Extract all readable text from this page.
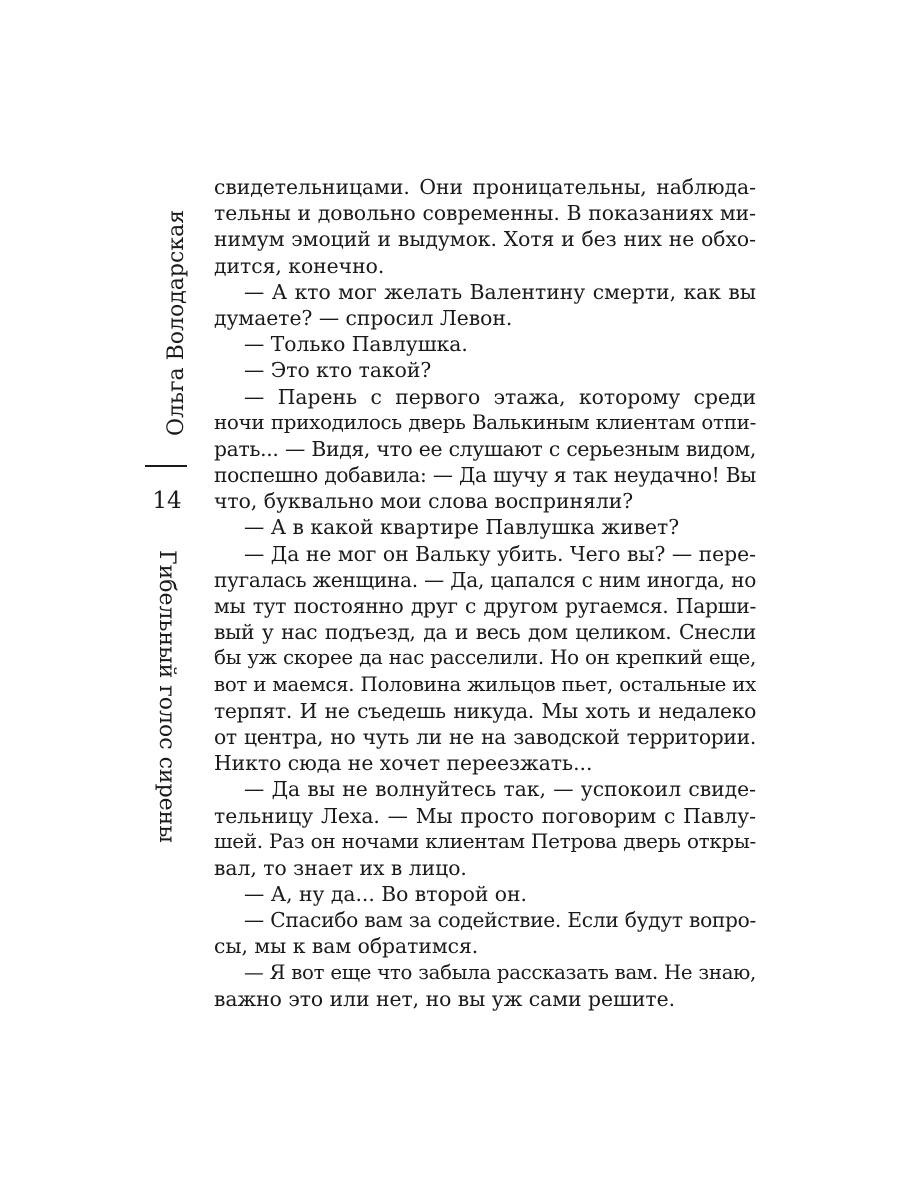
Ольга Володарская
14
Гибельный голос сирены
свидетельницами. Они проницательны, наблюда-
тельны и довольно современны. В показаниях ми-
нимум эмоций и выдумок. Хотя и без них не обхо-
дится, конечно.
— А кто мог желать Валентину смерти, как вы
думаете? — спросил Левон.
— Только Павлушка.
— Это кто такой?
— Парень с первого этажа, которому среди
ночи приходилось дверь Валькиным клиентам отпи-
рать... — Видя, что ее слушают с серьезным видом,
поспешно добавила: — Да шучу я так неудачно! Вы
что, буквально мои слова восприняли?
— А в какой квартире Павлушка живет?
— Да не мог он Вальку убить. Чего вы? — пере-
пугалась женщина. — Да, цапался с ним иногда, но
мы тут постоянно друг с другом ругаемся. Парши-
вый у нас подъезд, да и весь дом целиком. Снесли
бы уж скорее да нас расселили. Но он крепкий еще,
вот и маемся. Половина жильцов пьет, остальные их
терпят. И не съедешь никуда. Мы хоть и недалеко
от центра, но чуть ли не на заводской территории.
Никто сюда не хочет переезжать...
— Да вы не волнуйтесь так, — успокоил свиде-
тельницу Леха. — Мы просто поговорим с Павлу-
шей. Раз он ночами клиентам Петрова дверь откры-
вал, то знает их в лицо.
— А, ну да... Во второй он.
— Спасибо вам за содействие. Если будут вопро-
сы, мы к вам обратимся.
— Я вот еще что забыла рассказать вам. Не знаю,
важно это или нет, но вы уж сами решите.
